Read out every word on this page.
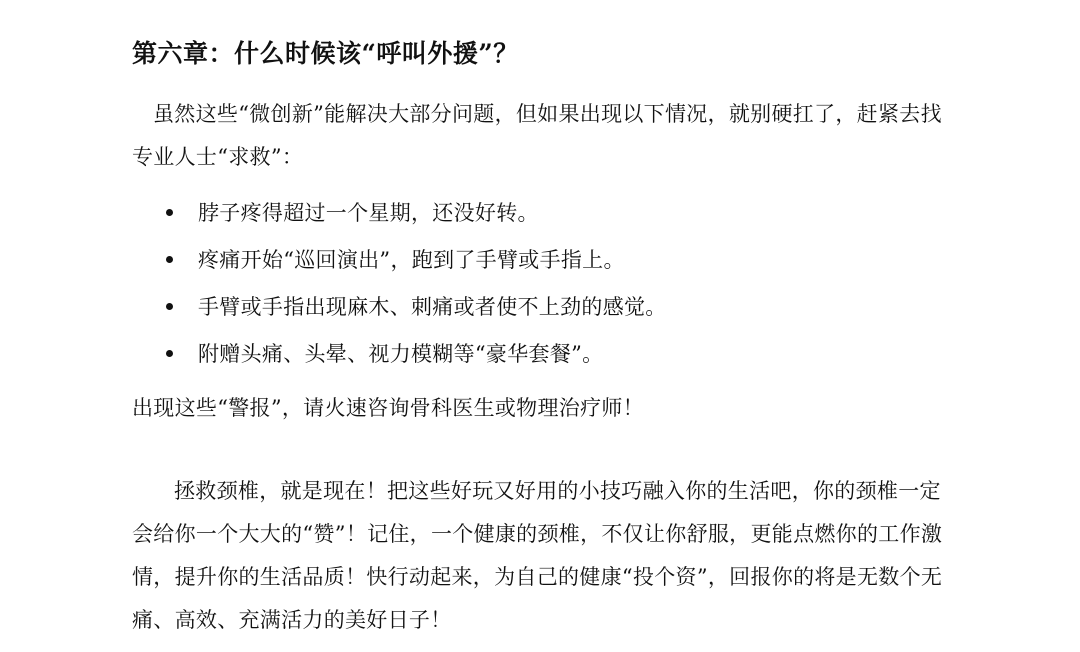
第六章：什么时候该“呼叫外援”？
虽然这些“微创新”能解决大部分问题，但如果出现以下情况，就别硬扛了，赶紧去找专业人士“求救”：
脖子疼得超过一个星期，还没好转。
疼痛开始“巡回演出”，跑到了手臂或手指上。
手臂或手指出现麻木、刺痛或者使不上劲的感觉。
附赠头痛、头晕、视力模糊等“豪华套餐”。
出现这些“警报”，请火速咨询骨科医生或物理治疗师！
拯救颈椎，就是现在！把这些好玩又好用的小技巧融入你的生活吧，你的颈椎一定会给你一个大大的“赞”！记住，一个健康的颈椎，不仅让你舒服，更能点燃你的工作激情，提升你的生活品质！快行动起来，为自己的健康“投个资”，回报你的将是无数个无痛、高效、充满活力的美好日子！
